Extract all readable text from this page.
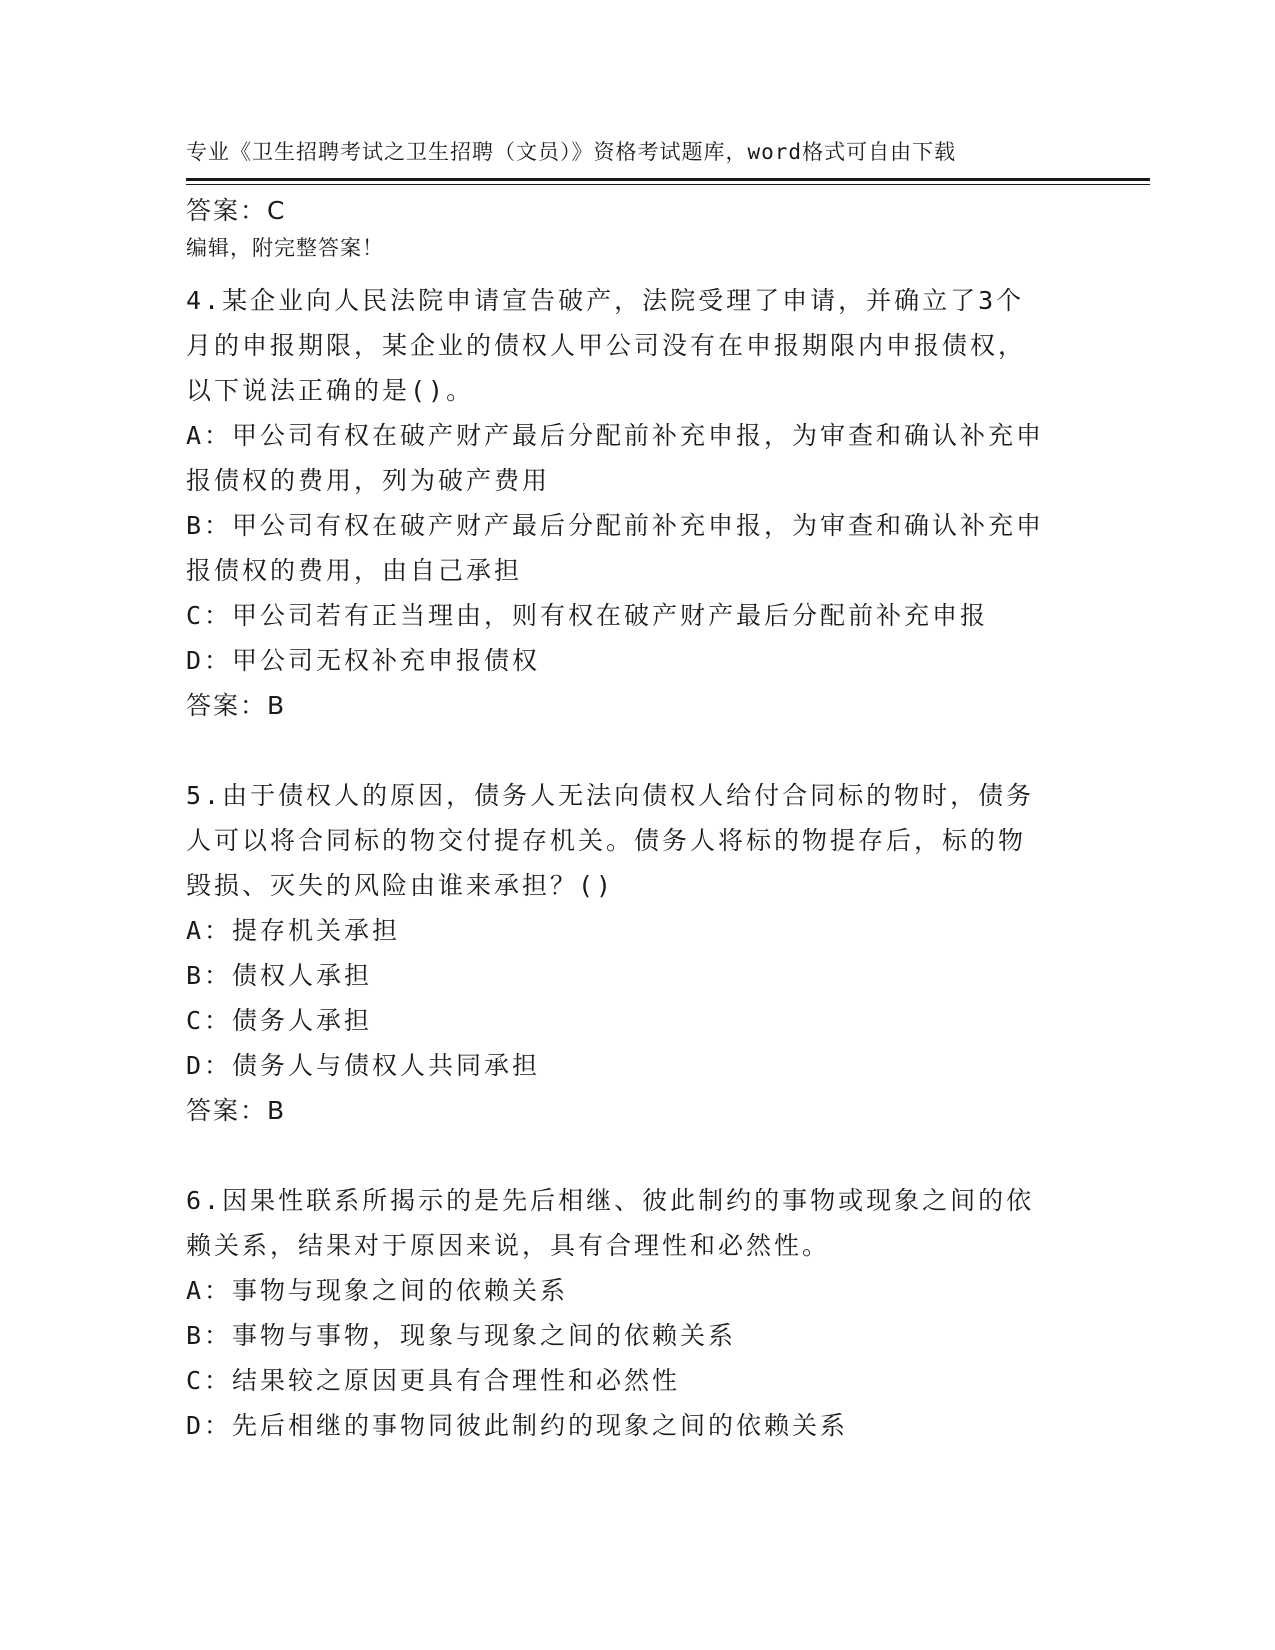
专业《卫生招聘考试之卫生招聘（文员）》资格考试题库，word格式可自由下载

编辑，附完整答案！

答案：C
4.某企业向人民法院申请宣告破产，法院受理了申请，并确立了3个
月的申报期限，某企业的债权人甲公司没有在申报期限内申报债权，
以下说法正确的是()。
A：甲公司有权在破产财产最后分配前补充申报，为审查和确认补充申
报债权的费用，列为破产费用
B：甲公司有权在破产财产最后分配前补充申报，为审查和确认补充申
报债权的费用，由自己承担
C：甲公司若有正当理由，则有权在破产财产最后分配前补充申报
D：甲公司无权补充申报债权
答案：B
5.由于债权人的原因，债务人无法向债权人给付合同标的物时，债务
人可以将合同标的物交付提存机关。债务人将标的物提存后，标的物
毁损、灭失的风险由谁来承担？()
A：提存机关承担
B：债权人承担
C：债务人承担
D：债务人与债权人共同承担
答案：B
6.因果性联系所揭示的是先后相继、彼此制约的事物或现象之间的依
赖关系，结果对于原因来说，具有合理性和必然性。
A：事物与现象之间的依赖关系
B：事物与事物，现象与现象之间的依赖关系
C：结果较之原因更具有合理性和必然性
D：先后相继的事物同彼此制约的现象之间的依赖关系
